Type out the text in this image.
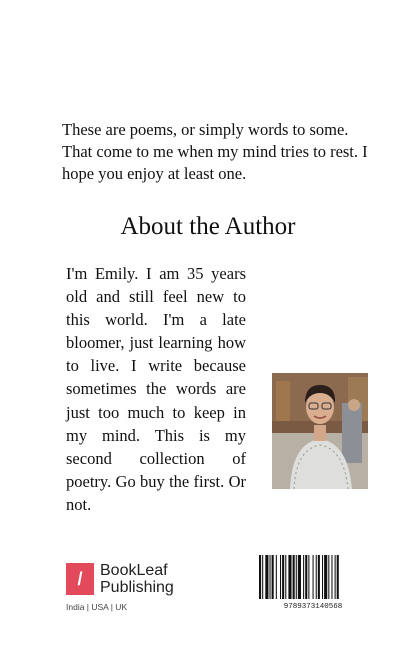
These are poems, or simply words to some. That come to me when my mind tries to rest. I hope you enjoy at least one.
About the Author
I'm Emily. I am 35 years old and still feel new to this world. I'm a late bloomer, just learning how to live. I write because sometimes the words are just too much to keep in my mind. This is my second collection of poetry. Go buy the first. Or not.
/	BookLeaf
Publishing
India | USA | UK	9789373140568
